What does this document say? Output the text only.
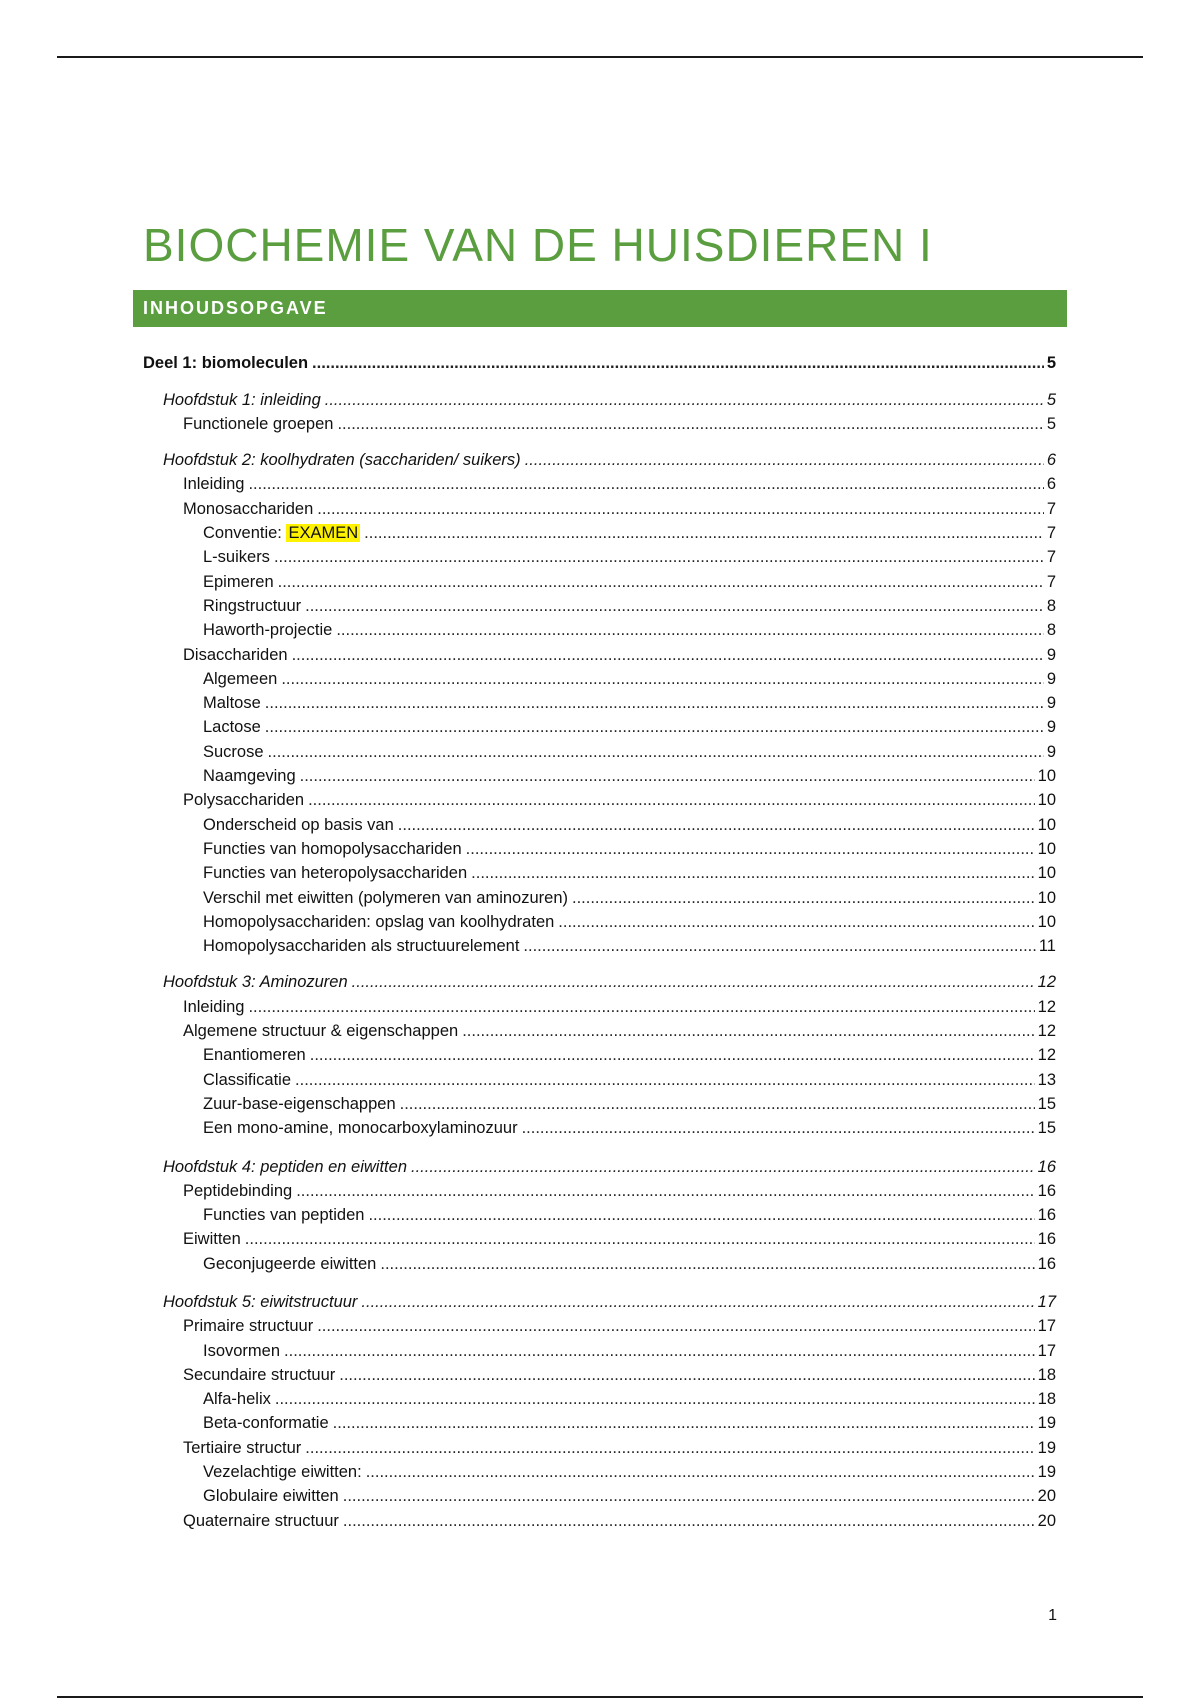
BIOCHEMIE VAN DE HUISDIEREN I
INHOUDSOPGAVE
Deel 1: biomoleculen .....	5
Hoofdstuk 1: inleiding .....	5
Functionele groepen .....	5
Hoofdstuk 2: koolhydraten (sacchariden/ suikers) .....	6
Inleiding .....	6
Monosacchariden .....	7
Conventie: EXAMEN .....	7
L-suikers .....	7
Epimeren .....	7
Ringstructuur .....	8
Haworth-projectie .....	8
Disacchariden .....	9
Algemeen .....	9
Maltose .....	9
Lactose .....	9
Sucrose .....	9
Naamgeving .....	10
Polysacchariden .....	10
Onderscheid op basis van .....	10
Functies van homopolysacchariden .....	10
Functies van heteropolysacchariden .....	10
Verschil met eiwitten (polymeren van aminozuren) .....	10
Homopolysacchariden: opslag van koolhydraten .....	10
Homopolysacchariden als structuurelement .....	11
Hoofdstuk 3: Aminozuren .....	12
Inleiding .....	12
Algemene structuur & eigenschappen .....	12
Enantiomeren .....	12
Classificatie .....	13
Zuur-base-eigenschappen .....	15
Een mono-amine, monocarboxylaminozuur .....	15
Hoofdstuk 4: peptiden en eiwitten .....	16
Peptidebinding .....	16
Functies van peptiden .....	16
Eiwitten .....	16
Geconjugeerde eiwitten .....	16
Hoofdstuk 5: eiwitstructuur .....	17
Primaire structuur .....	17
Isovormen .....	17
Secundaire structuur .....	18
Alfa-helix .....	18
Beta-conformatie .....	19
Tertiaire structur .....	19
Vezelachtige eiwitten: .....	19
Globulaire eiwitten .....	20
Quaternaire structuur .....	20
1
